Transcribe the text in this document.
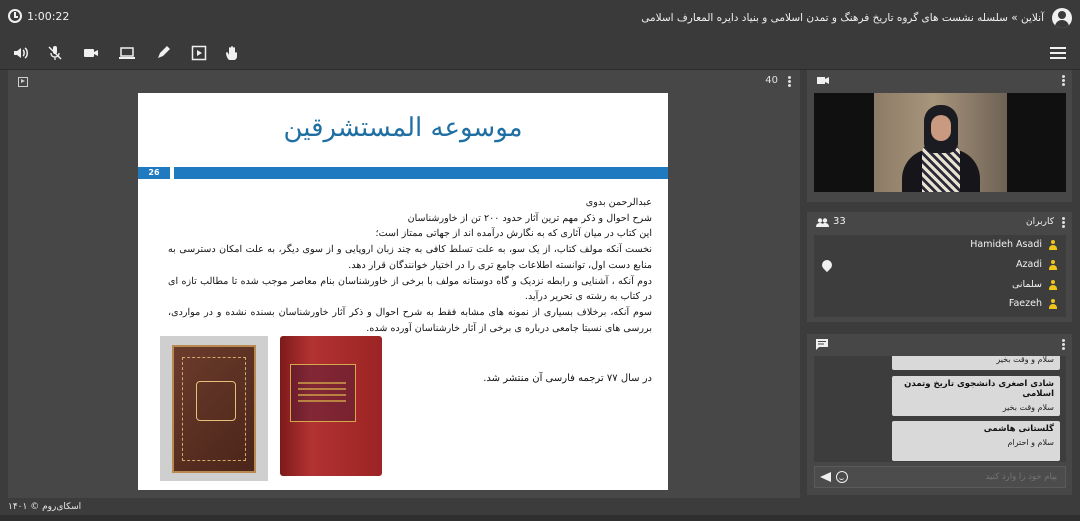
1:00:22	آنلاین » سلسله نشست های گروه تاریخ فرهنگ و تمدن اسلامی و بنیاد دایره المعارف اسلامی
40
موسوعه المستشرقین
26

عبدالرحمن بدوی

شرح احوال و ذکر مهم ترین آثار حدود ۲۰۰ تن از خاورشناسان

این کتاب در میان آثاری که به نگارش درآمده اند از جهاتی ممتاز است؛

نخست آنکه مولف کتاب، از یک سو، به علت تسلط کافی به چند زبان اروپایی و از سوی دیگر، به علت امکان دسترسی به منابع دست اول، توانسته اطلاعات جامع تری را در اختیار خوانندگان قرار دهد.

دوم آنکه ، آشنایی و رابطه نزدیک و گاه دوستانه مولف با برخی از خاورشناسان بنام معاصر موجب شده تا مطالب تازه ای در کتاب به رشته ی تحریر درآید.

سوم آنکه، برخلاف بسیاری از نمونه های مشابه فقط به شرح احوال و ذکر آثار خاورشناسان بسنده نشده و در مواردی، بررسی های نسبتا جامعی درباره ی برخی از آثار خارشناسان آورده شده.

در سال ۷۷ ترجمه فارسی آن منتشر شد.
33	کاربران
Hamideh Asadi
Azadi
سلمانی
Faezeh
سلام و وقت بخیر
شادی اصغری دانشجوی تاریخ وتمدن اسلامی
سلام وقت بخیر
گلستانی هاشمی
سلام و احترام
پیام خود را وارد کنید
اسکای‌روم © ۱۴۰۱
